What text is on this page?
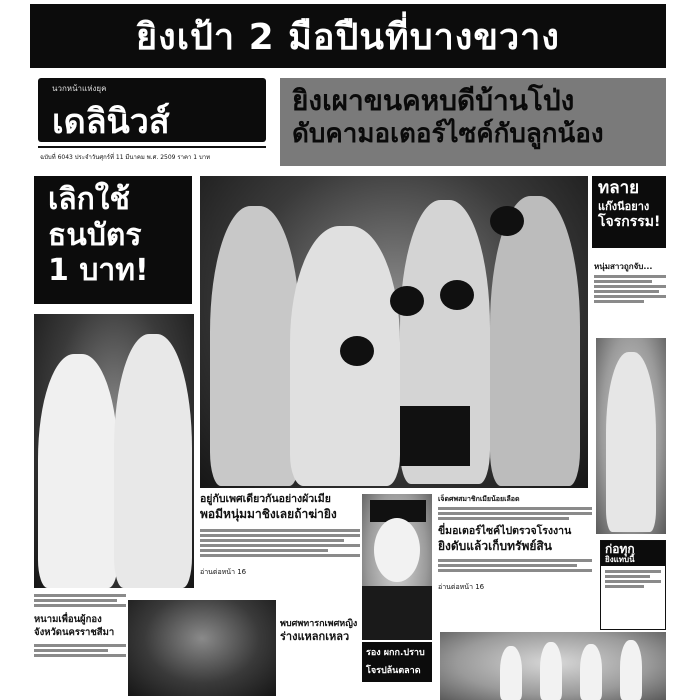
ยิงเป้า 2 มือปืนที่บางขวาง
นวกหน้าแห่งยุค
เดลินิวส์
ฉบับที่ 6043 ประจำวันศุกร์ที่ 11 มีนาคม พ.ศ. 2509 ราคา 1 บาท
ยิงเผาขนคหบดีบ้านโป่ง
ดับคามอเตอร์ไซค์กับลูกน้อง
เลิกใช้
ธนบัตร
1 บาท!
ทลาย
แก๊งนีอยาง
โจรกรรม!
หนุ่มสาวถูกจับ...
อยู่กับเพศเดียวกันอย่างผัวเมีย
พอมีหนุ่มมาชิงเลยถ้าฆ่ายิง
อ่านต่อหน้า 16
รอง ผกก.ปราบ
โจรปล้นตลาด
พบศพทารกเพศหญิง
ร่างแหลกเหลว
เจ็ดศพสมาชิกเมียน้อยเลือด
ขี่มอเตอร์ไซค์ไปตรวจโรงงาน
ยิงดับแล้วเก็บทรัพย์สิน
อ่านต่อหน้า 16
ก่อทุก
ยิงแทบนี้
หนามเพื่อนผู้กอง
จังหวัดนครราชสีมา
